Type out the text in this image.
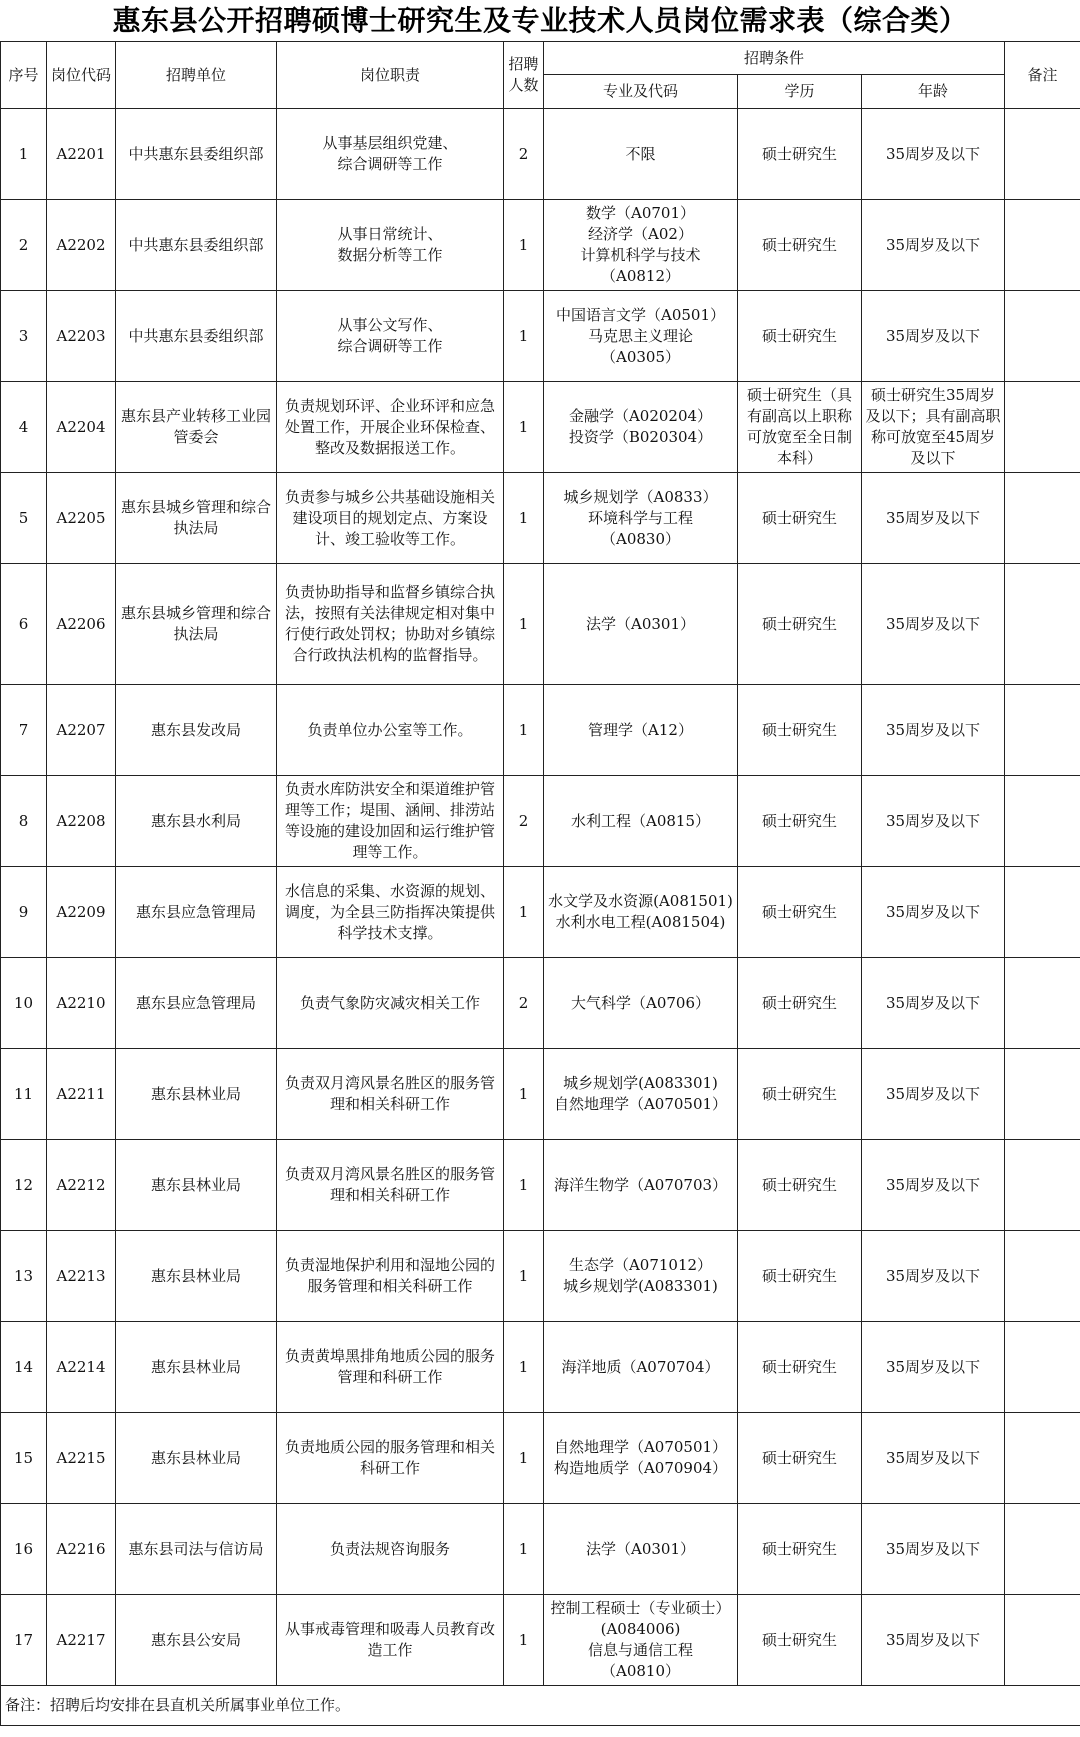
惠东县公开招聘硕博士研究生及专业技术人员岗位需求表（综合类）
序号	岗位代码	招聘单位	岗位职责	招聘人数	招聘条件			备注
					专业及代码	学历	年龄	
1	A2201	中共惠东县委组织部	从事基层组织党建、
综合调研等工作	2	不限	硕士研究生	35周岁及以下	
2	A2202	中共惠东县委组织部	从事日常统计、
数据分析等工作	1	数学（A0701）
经济学（A02）
计算机科学与技术
（A0812）	硕士研究生	35周岁及以下	
3	A2203	中共惠东县委组织部	从事公文写作、
综合调研等工作	1	中国语言文学（A0501）
马克思主义理论
（A0305）	硕士研究生	35周岁及以下	
4	A2204	惠东县产业转移工业园管委会	负责规划环评、企业环评和应急处置工作，开展企业环保检查、整改及数据报送工作。	1	金融学（A020204）
投资学（B020304）	硕士研究生（具有副高以上职称可放宽至全日制本科）	硕士研究生35周岁及以下；具有副高职称可放宽至45周岁及以下	
5	A2205	惠东县城乡管理和综合执法局	负责参与城乡公共基础设施相关建设项目的规划定点、方案设计、竣工验收等工作。	1	城乡规划学（A0833）
环境科学与工程
（A0830）	硕士研究生	35周岁及以下	
6	A2206	惠东县城乡管理和综合执法局	负责协助指导和监督乡镇综合执法，按照有关法律规定相对集中行使行政处罚权；协助对乡镇综合行政执法机构的监督指导。	1	法学（A0301）	硕士研究生	35周岁及以下	
7	A2207	惠东县发改局	负责单位办公室等工作。	1	管理学（A12）	硕士研究生	35周岁及以下	
8	A2208	惠东县水利局	负责水库防洪安全和渠道维护管理等工作；堤围、涵闸、排涝站等设施的建设加固和运行维护管理等工作。	2	水利工程（A0815）	硕士研究生	35周岁及以下	
9	A2209	惠东县应急管理局	水信息的采集、水资源的规划、调度，为全县三防指挥决策提供科学技术支撑。	1	水文学及水资源(A081501)
水利水电工程(A081504)	硕士研究生	35周岁及以下	
10	A2210	惠东县应急管理局	负责气象防灾减灾相关工作	2	大气科学（A0706）	硕士研究生	35周岁及以下	
11	A2211	惠东县林业局	负责双月湾风景名胜区的服务管理和相关科研工作	1	城乡规划学(A083301)
自然地理学（A070501）	硕士研究生	35周岁及以下	
12	A2212	惠东县林业局	负责双月湾风景名胜区的服务管理和相关科研工作	1	海洋生物学（A070703）	硕士研究生	35周岁及以下	
13	A2213	惠东县林业局	负责湿地保护利用和湿地公园的服务管理和相关科研工作	1	生态学（A071012）
城乡规划学(A083301)	硕士研究生	35周岁及以下	
14	A2214	惠东县林业局	负责黄埠黑排角地质公园的服务管理和科研工作	1	海洋地质（A070704）	硕士研究生	35周岁及以下	
15	A2215	惠东县林业局	负责地质公园的服务管理和相关科研工作	1	自然地理学（A070501）
构造地质学（A070904）	硕士研究生	35周岁及以下	
16	A2216	惠东县司法与信访局	负责法规咨询服务	1	法学（A0301）	硕士研究生	35周岁及以下	
17	A2217	惠东县公安局	从事戒毒管理和吸毒人员教育改造工作	1	控制工程硕士（专业硕士）(A084006)
信息与通信工程
（A0810）	硕士研究生	35周岁及以下	
备注：招聘后均安排在县直机关所属事业单位工作。								
